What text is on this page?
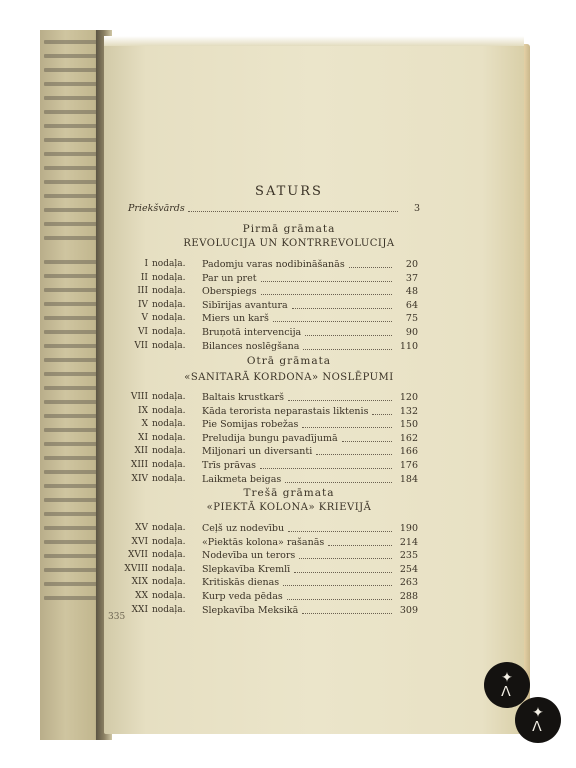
SATURS
Priekšvārds	3
Pirmā grāmata
REVOLUCIJA UN KONTRREVOLUCIJA
Otrā grāmata
«SANITARĀ KORDONA» NOSLĒPUMI
Trešā grāmata
«PIEKTĀ KOLONA» KRIEVIJĀ
I nodaļa. Padomju varas nodibināšanās	20
II nodaļa. Par un pret	37
III nodaļa. Oberspiegs	48
IV nodaļa. Sibīrijas avantura	64
V nodaļa. Miers un karš	75
VI nodaļa. Bruņotā intervencija	90
VII nodaļa. Bilances noslēgšana	110
VIII nodaļa. Baltais krustkarš	120
IX nodaļa. Kāda terorista neparastais liktenis	132
X nodaļa. Pie Somijas robežas	150
XI nodaļa. Preludija bungu pavadījumā	162
XII nodaļa. Miljonari un diversanti	166
XIII nodaļa. Trīs prāvas	176
XIV nodaļa. Laikmeta beigas	184
XV nodaļa. Ceļš uz nodevību	190
XVI nodaļa. «Piektās kolona» rašanās	214
XVII nodaļa. Nodevība un terors	235
XVIII nodaļa. Slepkavība Kremlī	254
XIX nodaļa. Kritiskās dienas	263
XX nodaļa. Kurp veda pēdas	288
XXI nodaļa. Slepkavība Meksikā	309
335
✦
ⴷ
✦
ⴷ
